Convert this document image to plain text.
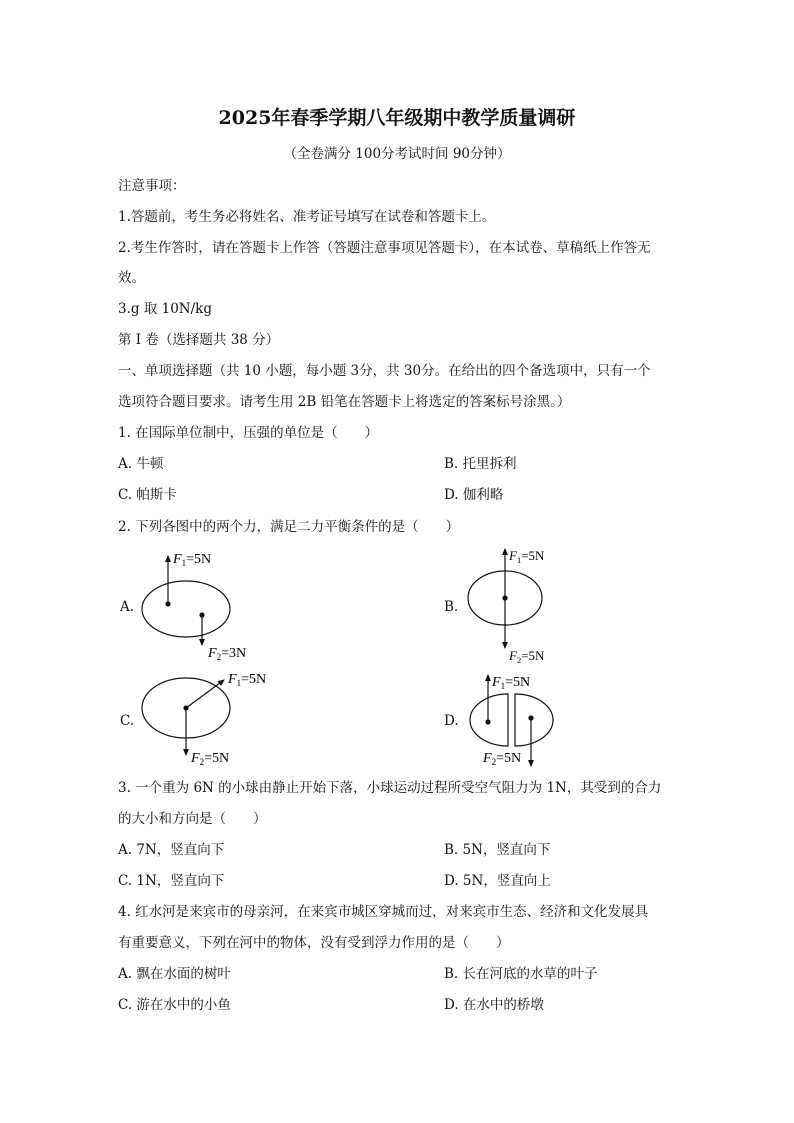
2025年春季学期八年级期中教学质量调研
（全卷满分 100分考试时间 90分钟）
注意事项：
1.答题前，考生务必将姓名、准考证号填写在试卷和答题卡上。
2.考生作答时，请在答题卡上作答（答题注意事项见答题卡），在本试卷、草稿纸上作答无
效。
3.g 取 10N/kg
第 I 卷（选择题共 38 分）
一、单项选择题（共 10 小题，每小题 3分，共 30分。在给出的四个备选项中，只有一个
选项符合题目要求。请考生用 2B 铅笔在答题卡上将选定的答案标号涂黑。）
1. 在国际单位制中，压强的单位是（　　）
A. 牛顿	B. 托里拆利
C. 帕斯卡	D. 伽利略
2. 下列各图中的两个力，满足二力平衡条件的是（　　）
A.
$F_1=5N$
$F_2=3N$
B.
$F_1=5N$
$F_2=5N$
C.
$F_1=5N$
$F_2=5N$
D.
$F_1=5N$
$F_2=5N$
3. 一个重为 6N 的小球由静止开始下落，小球运动过程所受空气阻力为 1N，其受到的合力
的大小和方向是（　　）
A. 7N，竖直向下	B. 5N，竖直向下
C. 1N，竖直向下	D. 5N，竖直向上
4. 红水河是来宾市的母亲河，在来宾市城区穿城而过，对来宾市生态、经济和文化发展具
有重要意义，下列在河中的物体，没有受到浮力作用的是（　　）
A. 飘在水面的树叶	B. 长在河底的水草的叶子
C. 游在水中的小鱼	D. 在水中的桥墩
